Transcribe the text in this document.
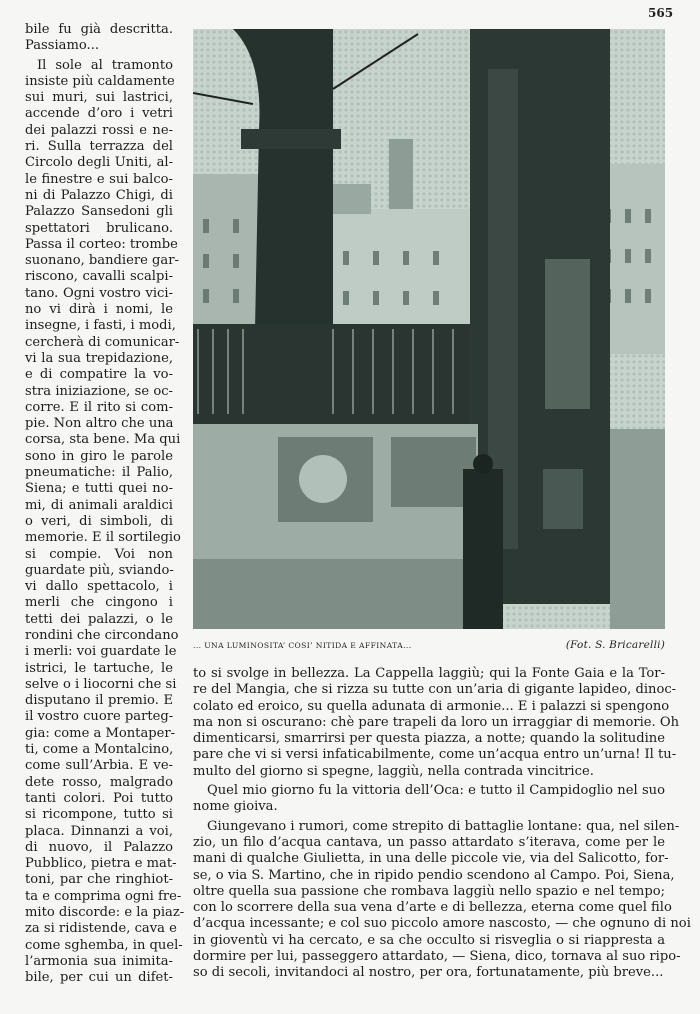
565
bile fu già descritta.
Passiamo...
Il sole al tramonto
insiste più caldamente
sui muri, sui lastrici,
accende d’oro i vetri
dei palazzi rossi e ne-
ri. Sulla terrazza del
Circolo degli Uniti, al-
le finestre e sui balco-
ni di Palazzo Chigi, di
Palazzo Sansedoni gli
spettatori brulicano.
Passa il corteo: trombe
suonano, bandiere gar-
riscono, cavalli scalpi-
tano. Ogni vostro vici-
no vi dirà i nomi, le
insegne, i fasti, i modi,
cercherà di comunicar-
vi la sua trepidazione,
e di compatire la vo-
stra iniziazione, se oc-
corre. E il rito si com-
pie. Non altro che una
corsa, sta bene. Ma qui
sono in giro le parole
pneumatiche: il Palio,
Siena; e tutti quei no-
mi, di animali araldici
o veri, di simboli, di
memorie. E il sortilegio
si compie. Voi non
guardate più, sviando-
vi dallo spettacolo, i
merli che cingono i
tetti dei palazzi, o le
rondini che circondano
i merli: voi guardate le
istrici, le tartuche, le
selve o i liocorni che si
disputano il premio. E
il vostro cuore parteg-
gia: come a Montaper-
ti, come a Montalcino,
come sull’Arbia. E ve-
dete rosso, malgrado
tanti colori. Poi tutto
si ricompone, tutto si
placa. Dinnanzi a voi,
di nuovo, il Palazzo
Pubblico, pietra e mat-
toni, par che ringhiot-
ta e comprima ogni fre-
mito discorde: e la piaz-
za si ridistende, cava e
come sghemba, in quel-
l’armonia sua inimita-
bile, per cui un difet-
... UNA LUMINOSITA’ COSI’ NITIDA E AFFINATA...	(Fot. S. Bricarelli)
to si svolge in bellezza. La Cappella laggiù; qui la Fonte Gaia e la Tor-
re del Mangia, che si rizza su tutte con un’aria di gigante lapideo, dinoc-
colato ed eroico, su quella adunata di armonie... E i palazzi si spengono
ma non si oscurano: chè pare trapeli da loro un irraggiar di memorie. Oh
dimenticarsi, smarrirsi per questa piazza, a notte; quando la solitudine
pare che vi si versi infaticabilmente, come un’acqua entro un’urna! Il tu-
multo del giorno si spegne, laggiù, nella contrada vincitrice.
Quel mio giorno fu la vittoria dell’Oca: e tutto il Campidoglio nel suo
nome gioiva.
Giungevano i rumori, come strepito di battaglie lontane: qua, nel silen-
zio, un filo d’acqua cantava, un passo attardato s’iterava, come per le
mani di qualche Giulietta, in una delle piccole vie, via del Salicotto, for-
se, o via S. Martino, che in ripido pendio scendono al Campo. Poi, Siena,
oltre quella sua passione che rombava laggiù nello spazio e nel tempo;
con lo scorrere della sua vena d’arte e di bellezza, eterna come quel filo
d’acqua incessante; e col suo piccolo amore nascosto, — che ognuno di noi
in gioventù vi ha cercato, e sa che occulto si risveglia o si riappresta a
dormire per lui, passeggero attardato, — Siena, dico, tornava al suo ripo-
so di secoli, invitandoci al nostro, per ora, fortunatamente, più breve...
